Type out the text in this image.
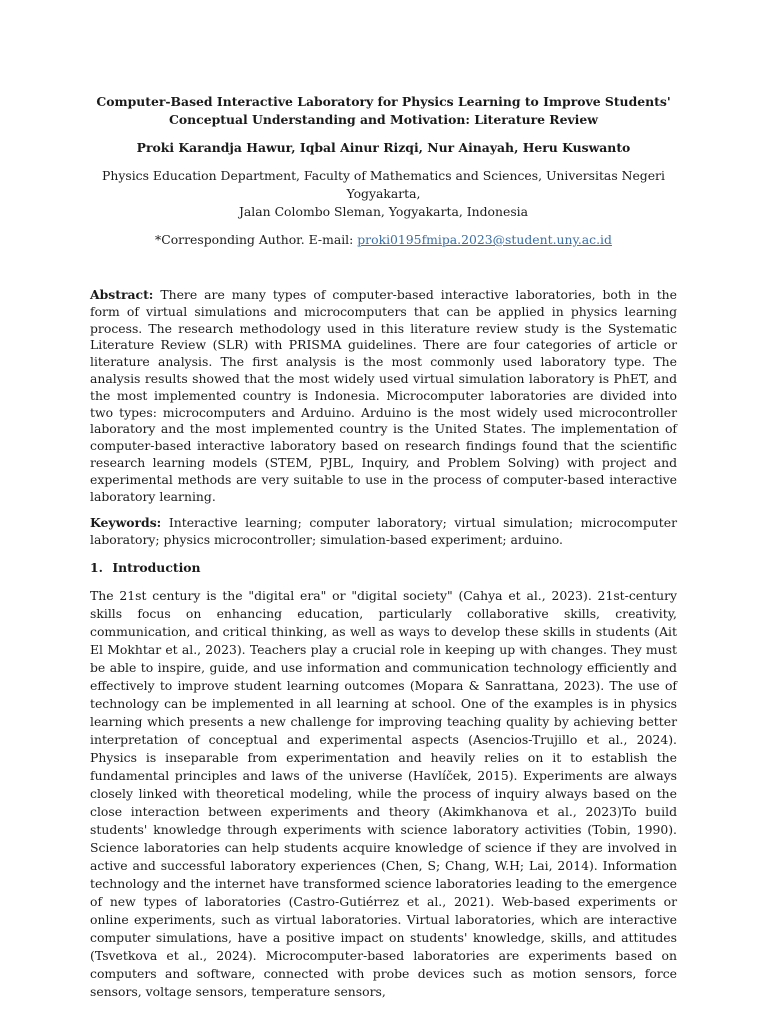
Computer-Based Interactive Laboratory for Physics Learning to Improve Students'
Conceptual Understanding and Motivation: Literature Review

Proki Karandja Hawur, Iqbal Ainur Rizqi, Nur Ainayah, Heru Kuswanto

Physics Education Department, Faculty of Mathematics and Sciences, Universitas Negeri Yogyakarta,
Jalan Colombo Sleman, Yogyakarta, Indonesia

*Corresponding Author. E-mail: proki0195fmipa.2023@student.uny.ac.id

Abstract: There are many types of computer-based interactive laboratories, both in the form of virtual simulations and microcomputers that can be applied in physics learning process. The research methodology used in this literature review study is the Systematic Literature Review (SLR) with PRISMA guidelines. There are four categories of article or literature analysis. The first analysis is the most commonly used laboratory type. The analysis results showed that the most widely used virtual simulation laboratory is PhET, and the most implemented country is Indonesia. Microcomputer laboratories are divided into two types: microcomputers and Arduino. Arduino is the most widely used microcontroller laboratory and the most implemented country is the United States. The implementation of computer-based interactive laboratory based on research findings found that the scientific research learning models (STEM, PJBL, Inquiry, and Problem Solving) with project and experimental methods are very suitable to use in the process of computer-based interactive laboratory learning.

Keywords: Interactive learning; computer laboratory; virtual simulation; microcomputer laboratory; physics microcontroller; simulation-based experiment; arduino.

1. Introduction

The 21st century is the "digital era" or "digital society" (Cahya et al., 2023). 21st-century skills focus on enhancing education, particularly collaborative skills, creativity, communication, and critical thinking, as well as ways to develop these skills in students (Ait El Mokhtar et al., 2023). Teachers play a crucial role in keeping up with changes. They must be able to inspire, guide, and use information and communication technology efficiently and effectively to improve student learning outcomes (Mopara & Sanrattana, 2023). The use of technology can be implemented in all learning at school. One of the examples is in physics learning which presents a new challenge for improving teaching quality by achieving better interpretation of conceptual and experimental aspects (Asencios-Trujillo et al., 2024). Physics is inseparable from experimentation and heavily relies on it to establish the fundamental principles and laws of the universe (Havlíček, 2015). Experiments are always closely linked with theoretical modeling, while the process of inquiry always based on the close interaction between experiments and theory (Akimkhanova et al., 2023)To build students' knowledge through experiments with science laboratory activities (Tobin, 1990). Science laboratories can help students acquire knowledge of science if they are involved in active and successful laboratory experiences (Chen, S; Chang, W.H; Lai, 2014). Information technology and the internet have transformed science laboratories leading to the emergence of new types of laboratories (Castro-Gutiérrez et al., 2021). Web-based experiments or online experiments, such as virtual laboratories. Virtual laboratories, which are interactive computer simulations, have a positive impact on students' knowledge, skills, and attitudes (Tsvetkova et al., 2024). Microcomputer-based laboratories are experiments based on computers and software, connected with probe devices such as motion sensors, force sensors, voltage sensors, temperature sensors,
